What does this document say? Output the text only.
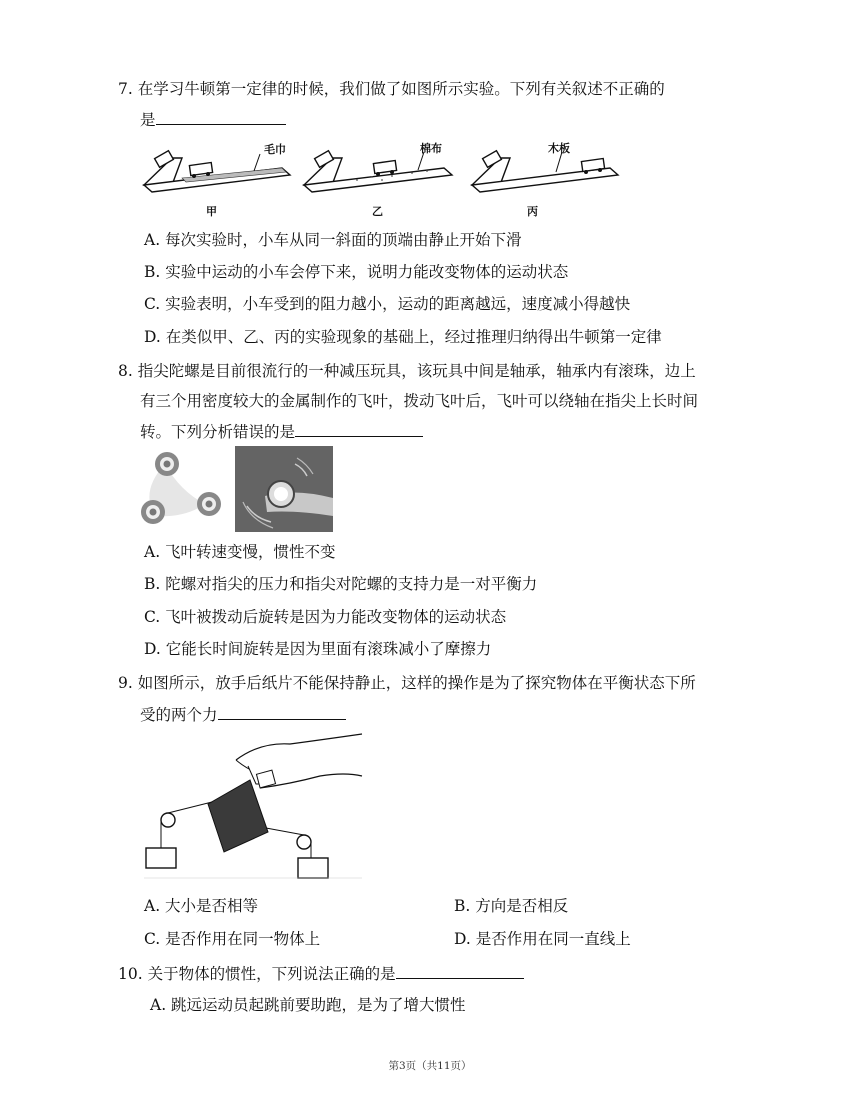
7. 在学习牛顿第一定律的时候，我们做了如图所示实验。下列有关叙述不正确的
是
毛巾	棉布	木板
甲	乙	丙
A. 每次实验时，小车从同一斜面的顶端由静止开始下滑
B. 实验中运动的小车会停下来，说明力能改变物体的运动状态
C. 实验表明，小车受到的阻力越小，运动的距离越远，速度减小得越快
D. 在类似甲、乙、丙的实验现象的基础上，经过推理归纳得出牛顿第一定律
8. 指尖陀螺是目前很流行的一种减压玩具，该玩具中间是轴承，轴承内有滚珠，边上
有三个用密度较大的金属制作的飞叶，拨动飞叶后，飞叶可以绕轴在指尖上长时间
转。下列分析错误的是
A. 飞叶转速变慢，惯性不变
B. 陀螺对指尖的压力和指尖对陀螺的支持力是一对平衡力
C. 飞叶被拨动后旋转是因为力能改变物体的运动状态
D. 它能长时间旋转是因为里面有滚珠减小了摩擦力
9. 如图所示，放手后纸片不能保持静止，这样的操作是为了探究物体在平衡状态下所
受的两个力
A. 大小是否相等	B. 方向是否相反
C. 是否作用在同一物体上	D. 是否作用在同一直线上
10. 关于物体的惯性，下列说法正确的是
A. 跳远运动员起跳前要助跑，是为了增大惯性
第3页（共11页）
